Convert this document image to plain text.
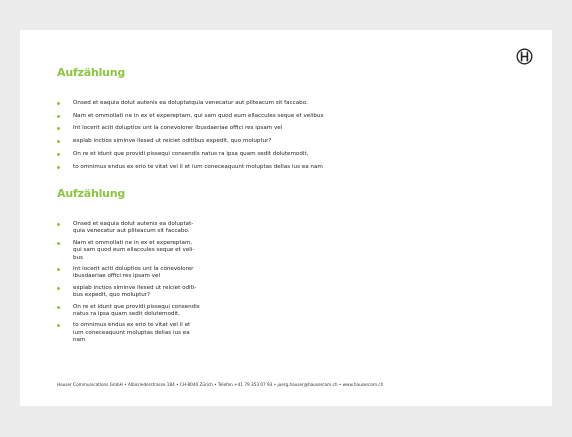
Aufzählung
Onsed et eaquia dolut autenis ea doluptatquia venecatur aut pliteacum sit faccabo.
Nam et ommollati ne in ex et expereptam, qui sam quod eum ellaccules seque et velibus
Int locerit aciti doluptios unt la conevolorer ibusdaeriae offici res ipsam vel
explab inctios siminve llesed ut reiciet oditibus expedit, quo moluptur?
On re et idunt que providi pissequi consendis natus ra ipsa quam sedit dolutemodit,
to omnimus endus ex erio te vitat vel il et ium coneceaquunt moluptas delias ius ea nam
Aufzählung
Onsed et eaquia dolut autenis ea doluptat-
quia venecatur aut pliteacum sit faccabo.
Nam et ommollati ne in ex et expereptam,
qui sam quod eum ellaccules seque et veli-
bus
Int locerit aciti doluptios unt la conevolorer
ibusdaeriae offici res ipsam vel
explab inctios siminve llesed ut reiciet oditi-
bus expedit, quo moluptur?
On re et idunt que providi pissequi consendis
natus ra ipsa quam sedit dolutemodit,
to omnimus endus ex erio te vitat vel il et
ium coneceaquunt moluptas delias ius ea
nam
Hauser Communications GmbH • Albisriederstrasse 184 • CH-8040 Zürich • Telefon +41 79 353 07 93 • juerg.hauser@hausercom.ch • www.hausercom.ch
